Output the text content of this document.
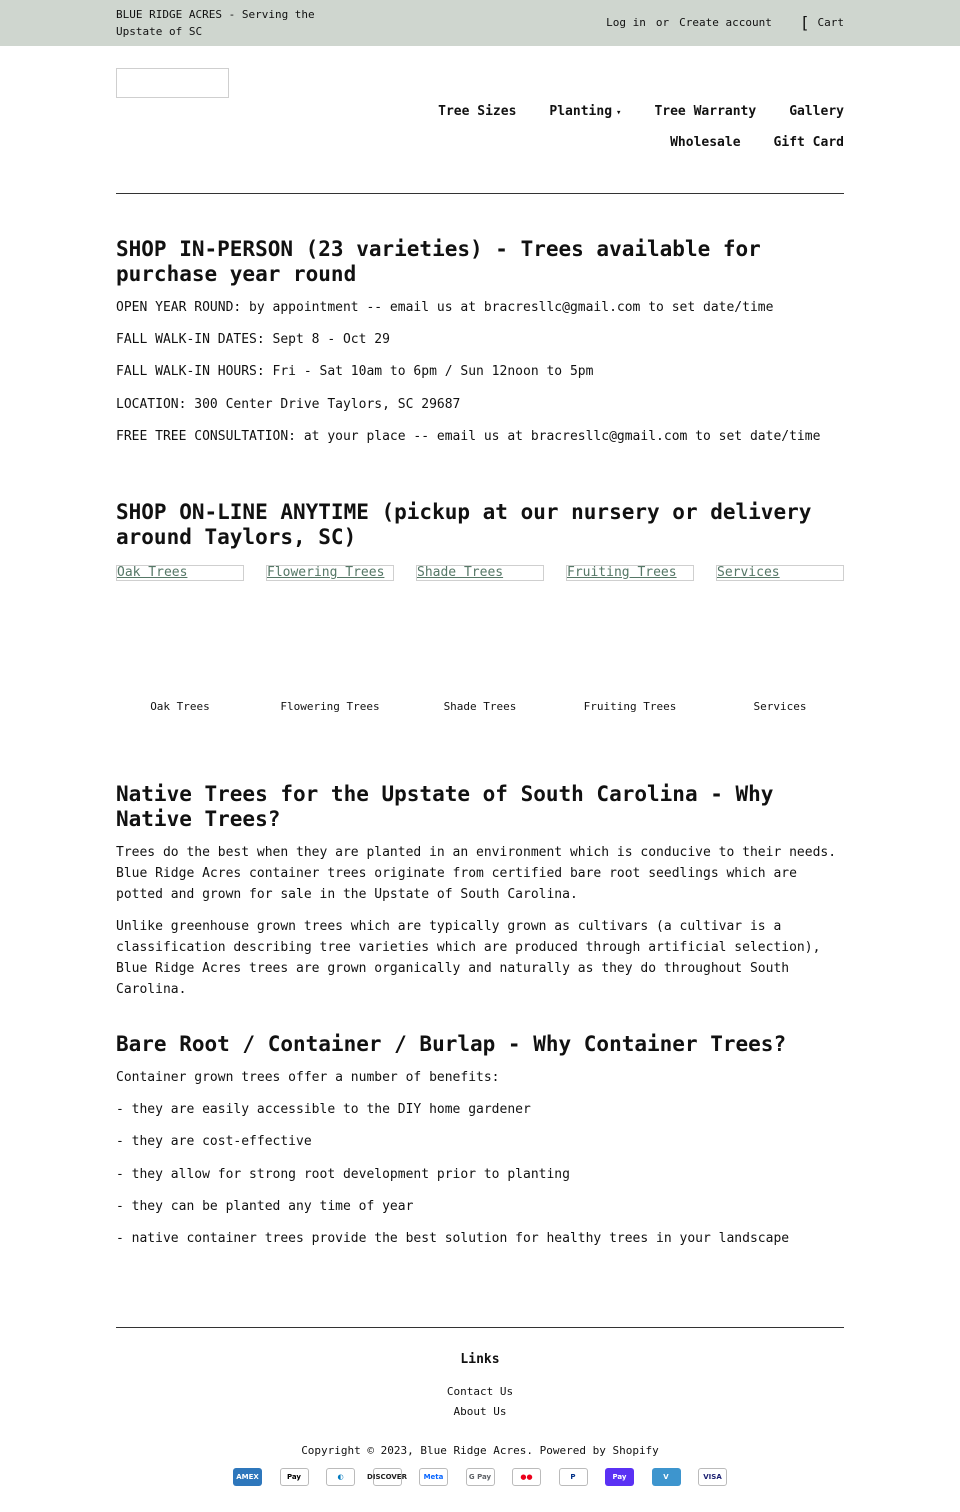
BLUE RIDGE ACRES - Serving the Upstate of SC
Log in or Create account [ Cart
Tree Sizes	Planting ▾	Tree Warranty	Gallery
Wholesale	Gift Card
SHOP IN-PERSON (23 varieties) - Trees available for purchase year round

OPEN YEAR ROUND: by appointment -- email us at bracresllc@gmail.com to set date/time

FALL WALK-IN DATES: Sept 8 - Oct 29

FALL WALK-IN HOURS: Fri - Sat 10am to 6pm / Sun 12noon to 5pm

LOCATION: 300 Center Drive Taylors, SC 29687

FREE TREE CONSULTATION: at your place -- email us at bracresllc@gmail.com to set date/time

SHOP ON-LINE ANYTIME (pickup at our nursery or delivery around Taylors, SC)
Oak Trees	Flowering Trees	Shade Trees	Fruiting Trees	Services
Oak Trees	Flowering Trees	Shade Trees	Fruiting Trees	Services
Native Trees for the Upstate of South Carolina - Why Native Trees?

Trees do the best when they are planted in an environment which is conducive to their needs. Blue Ridge Acres container trees originate from certified bare root seedlings which are potted and grown for sale in the Upstate of South Carolina.

Unlike greenhouse grown trees which are typically grown as cultivars (a cultivar is a classification describing tree varieties which are produced through artificial selection), Blue Ridge Acres trees are grown organically and naturally as they do throughout South Carolina.

Bare Root / Container / Burlap - Why Container Trees?

Container grown trees offer a number of benefits:

- they are easily accessible to the DIY home gardener

- they are cost-effective

- they allow for strong root development prior to planting

- they can be planted any time of year

- native container trees provide the best solution for healthy trees in your landscape

Links
Contact Us
About Us
Copyright © 2023, Blue Ridge Acres. Powered by Shopify
AMEX	Pay	◐	DISCOVER	Meta	G Pay	●●	P	Pay	V	VISA
